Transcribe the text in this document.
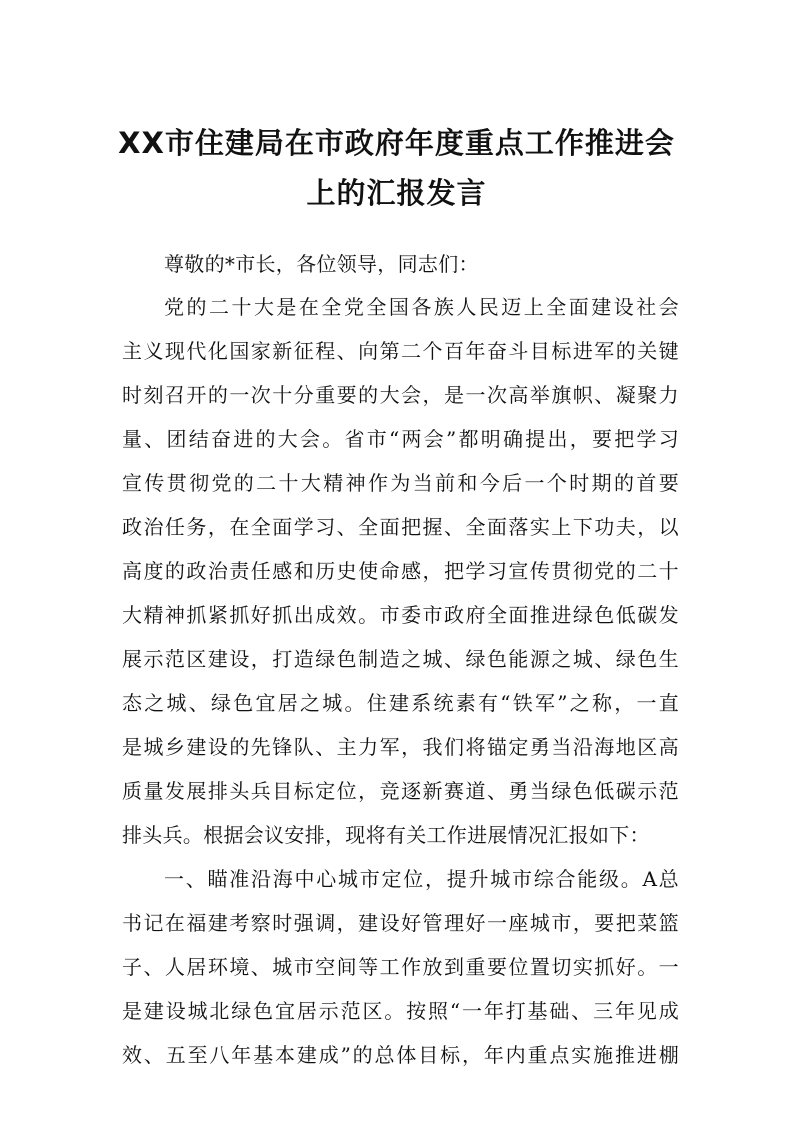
XX市住建局在市政府年度重点工作推进会
上的汇报发言
尊敬的*市长，各位领导，同志们：
党的二十大是在全党全国各族人民迈上全面建设社会
主义现代化国家新征程、向第二个百年奋斗目标进军的关键
时刻召开的一次十分重要的大会，是一次高举旗帜、凝聚力
量、团结奋进的大会。省市“两会”都明确提出，要把学习
宣传贯彻党的二十大精神作为当前和今后一个时期的首要
政治任务，在全面学习、全面把握、全面落实上下功夫，以
高度的政治责任感和历史使命感，把学习宣传贯彻党的二十
大精神抓紧抓好抓出成效。市委市政府全面推进绿色低碳发
展示范区建设，打造绿色制造之城、绿色能源之城、绿色生
态之城、绿色宜居之城。住建系统素有“铁军”之称，一直
是城乡建设的先锋队、主力军，我们将锚定勇当沿海地区高
质量发展排头兵目标定位，竞逐新赛道、勇当绿色低碳示范
排头兵。根据会议安排，现将有关工作进展情况汇报如下：
一、瞄准沿海中心城市定位，提升城市综合能级。A总
书记在福建考察时强调，建设好管理好一座城市，要把菜篮
子、人居环境、城市空间等工作放到重要位置切实抓好。一
是建设城北绿色宜居示范区。按照“一年打基础、三年见成
效、五至八年基本建成”的总体目标，年内重点实施推进棚
